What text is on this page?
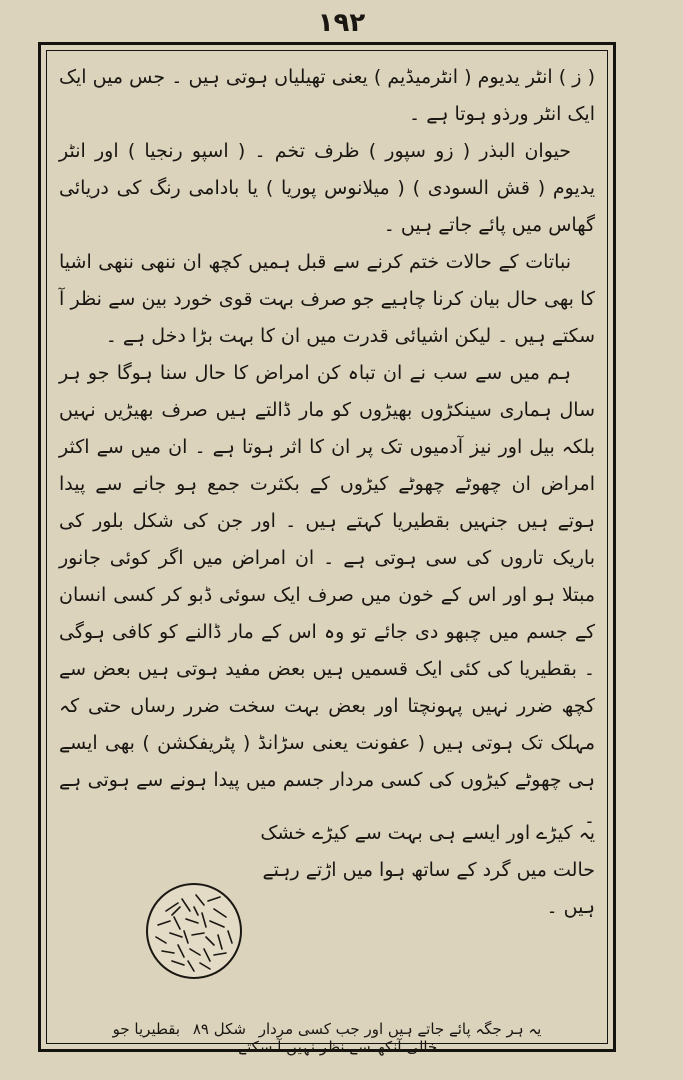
۱۹۲

( ز ) انٹر یدیوم ( انٹرمیڈیم ) یعنی تھیلیاں ہوتی ہیں ۔ جس میں ایک ایک انٹر ورذو ہوتا ہے ۔

حیوان البذر ( زو سپور ) ظرف تخم ۔ ( اسپو رنجیا ) اور انٹر یدیوم ( قش السودی ) ( میلانوس پوریا ) یا بادامی رنگ کی دریائی گھاس میں پائے جاتے ہیں ۔

نباتات کے حالات ختم کرنے سے قبل ہمیں کچھ ان ننھی ننھی اشیا کا بھی حال بیان کرنا چاہیے جو صرف بہت قوی خورد بین سے نظر آ سکتے ہیں ۔ لیکن اشیائی قدرت میں ان کا بہت بڑا دخل ہے ۔

ہم میں سے سب نے ان تباہ کن امراض کا حال سنا ہوگا جو ہر سال ہماری سینکڑوں بھیڑوں کو مار ڈالتے ہیں صرف بھیڑیں نہیں بلکہ بیل اور نیز آدمیوں تک پر ان کا اثر ہوتا ہے ۔ ان میں سے اکثر امراض ان چھوٹے چھوٹے کیڑوں کے بکثرت جمع ہو جانے سے پیدا ہوتے ہیں جنہیں بقطیریا کہتے ہیں ۔ اور جن کی شکل بلور کی باریک تاروں کی سی ہوتی ہے ۔ ان امراض میں اگر کوئی جانور مبتلا ہو اور اس کے خون میں صرف ایک سوئی ڈبو کر کسی انسان کے جسم میں چبھو دی جائے تو وہ اس کے مار ڈالنے کو کافی ہوگی ۔ بقطیریا کی کئی ایک قسمیں ہیں بعض مفید ہوتی ہیں بعض سے کچھ ضرر نہیں پہونچتا اور بعض بہت سخت ضرر رساں حتی کہ مہلک تک ہوتی ہیں ( عفونت یعنی سڑانڈ ( پٹریفکشن ) بھی ایسے ہی چھوٹے کیڑوں کی کسی مردار جسم میں پیدا ہونے سے ہوتی ہے ۔

یہ کیڑے اور ایسے ہی بہت سے کیڑے خشک حالت میں گرد کے ساتھ ہوا میں اڑتے رہتے ہیں ۔

یہ ہر جگہ پائے جاتے ہیں اور جب کسی مردار شکل ۸۹ بقطیریا جو خالی آنکھ سے نظر نہیں آ سکتے ۔
